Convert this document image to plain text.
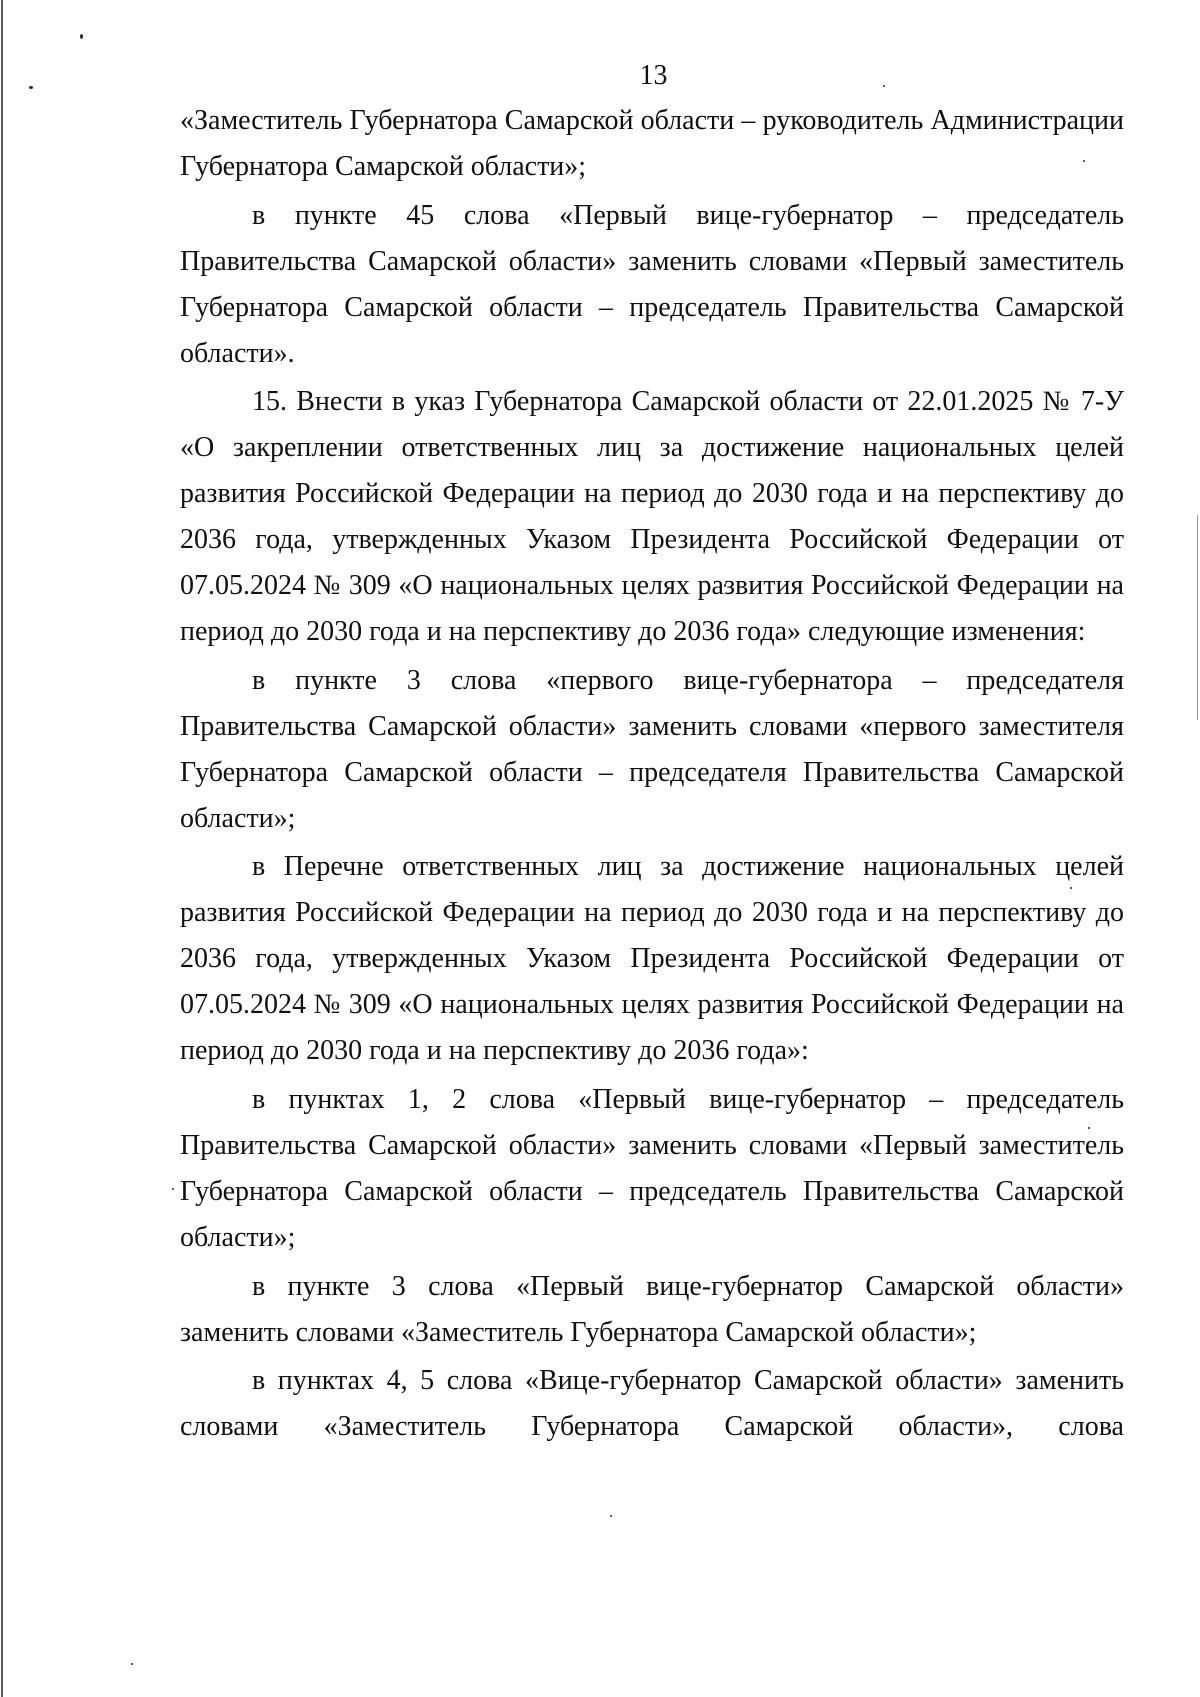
13

«Заместитель Губернатора Самарской области – руководитель Администрации Губернатора Самарской области»;

в пункте 45 слова «Первый вице-губернатор – председатель Правительства Самарской области» заменить словами «Первый заместитель Губернатора Самарской области – председатель Правительства Самарской области».

15. Внести в указ Губернатора Самарской области от 22.01.2025 № 7-У «О закреплении ответственных лиц за достижение национальных целей развития Российской Федерации на период до 2030 года и на перспективу до 2036 года, утвержденных Указом Президента Российской Федерации от 07.05.2024 № 309 «О национальных целях развития Российской Федерации на период до 2030 года и на перспективу до 2036 года» следующие изменения:

в пункте 3 слова «первого вице-губернатора – председателя Правительства Самарской области» заменить словами «первого заместителя Губернатора Самарской области – председателя Правительства Самарской области»;

в Перечне ответственных лиц за достижение национальных целей развития Российской Федерации на период до 2030 года и на перспективу до 2036 года, утвержденных Указом Президента Российской Федерации от 07.05.2024 № 309 «О национальных целях развития Российской Федерации на период до 2030 года и на перспективу до 2036 года»:

в пунктах 1, 2 слова «Первый вице-губернатор – председатель Правительства Самарской области» заменить словами «Первый заместитель Губернатора Самарской области – председатель Правительства Самарской области»;

в пункте 3 слова «Первый вице-губернатор Самарской области» заменить словами «Заместитель Губернатора Самарской области»;

в пунктах 4, 5 слова «Вице-губернатор Самарской области» заменить словами «Заместитель Губернатора Самарской области», слова
